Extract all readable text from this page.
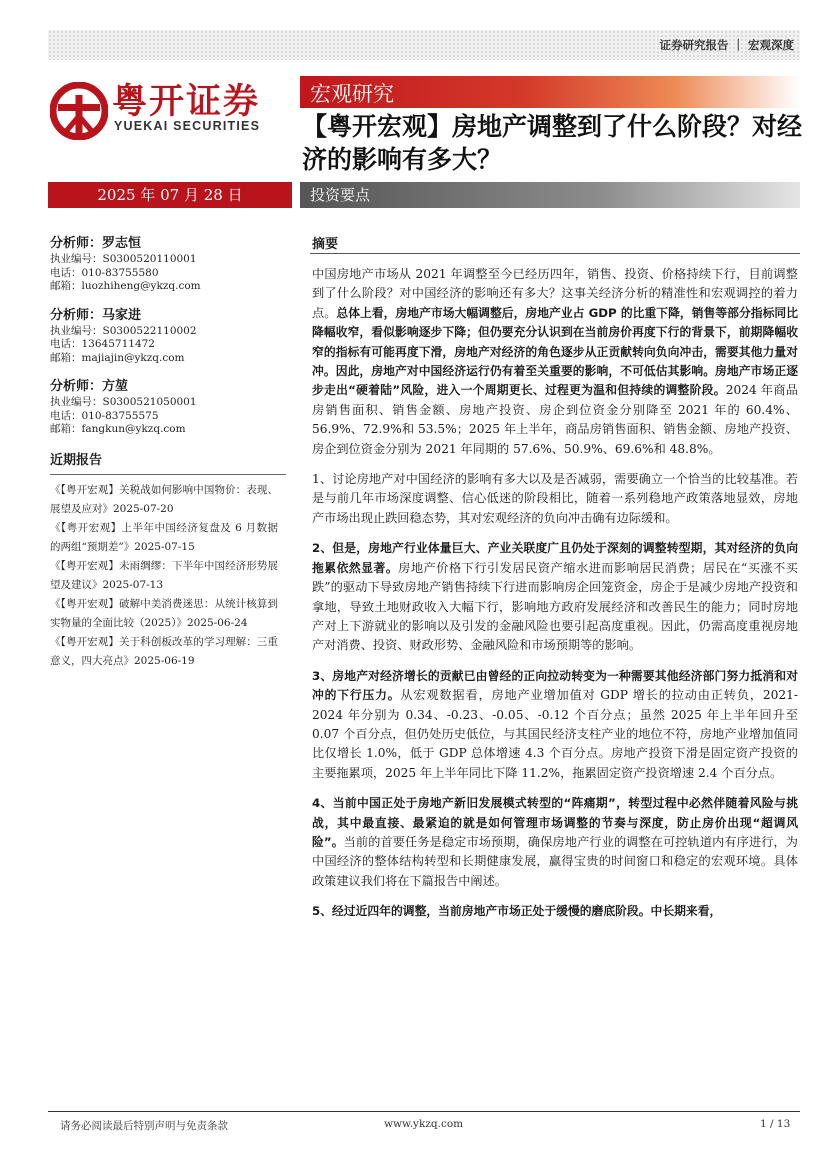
证券研究报告 ｜ 宏观深度
粤开证券
YUEKAI SECURITIES
宏观研究
【粤开宏观】房地产调整到了什么阶段？对经济的影响有多大？
2025 年 07 月 28 日	投资要点
分析师：罗志恒
执业编号：S0300520110001
电话：010-83755580
邮箱：luozhiheng@ykzq.com
分析师：马家进
执业编号：S0300522110002
电话：13645711472
邮箱：majiajin@ykzq.com
分析师：方堃
执业编号：S0300521050001
电话：010-83755575
邮箱：fangkun@ykzq.com
近期报告
《【粤开宏观】关税战如何影响中国物价：表现、展望及应对》2025-07-20
《【粤开宏观】上半年中国经济复盘及 6 月数据的两组“预期差”》2025-07-15
《【粤开宏观】未雨绸缪：下半年中国经济形势展望及建议》2025-07-13
《【粤开宏观】破解中美消费迷思：从统计核算到实物量的全面比较（2025）》2025-06-24
《【粤开宏观】关于科创板改革的学习理解：三重意义，四大亮点》2025-06-19
摘要

中国房地产市场从 2021 年调整至今已经历四年，销售、投资、价格持续下行，目前调整到了什么阶段？对中国经济的影响还有多大？这事关经济分析的精准性和宏观调控的着力点。总体上看，房地产市场大幅调整后，房地产业占 GDP 的比重下降，销售等部分指标同比降幅收窄，看似影响逐步下降；但仍要充分认识到在当前房价再度下行的背景下，前期降幅收窄的指标有可能再度下滑，房地产对经济的角色逐步从正贡献转向负向冲击，需要其他力量对冲。因此，房地产对中国经济运行仍有着至关重要的影响，不可低估其影响。房地产市场正逐步走出“硬着陆”风险，进入一个周期更长、过程更为温和但持续的调整阶段。2024 年商品房销售面积、销售金额、房地产投资、房企到位资金分别降至 2021 年的 60.4%、56.9%、72.9%和 53.5%；2025 年上半年，商品房销售面积、销售金额、房地产投资、房企到位资金分别为 2021 年同期的 57.6%、50.9%、69.6%和 48.8%。

1、讨论房地产对中国经济的影响有多大以及是否减弱，需要确立一个恰当的比较基准。若是与前几年市场深度调整、信心低迷的阶段相比，随着一系列稳地产政策落地显效，房地产市场出现止跌回稳态势，其对宏观经济的负向冲击确有边际缓和。

2、但是，房地产行业体量巨大、产业关联度广且仍处于深刻的调整转型期，其对经济的负向拖累依然显著。房地产价格下行引发居民资产缩水进而影响居民消费；居民在“买涨不买跌”的驱动下导致房地产销售持续下行进而影响房企回笼资金，房企于是减少房地产投资和拿地，导致土地财政收入大幅下行，影响地方政府发展经济和改善民生的能力；同时房地产对上下游就业的影响以及引发的金融风险也要引起高度重视。因此，仍需高度重视房地产对消费、投资、财政形势、金融风险和市场预期等的影响。

3、房地产对经济增长的贡献已由曾经的正向拉动转变为一种需要其他经济部门努力抵消和对冲的下行压力。从宏观数据看，房地产业增加值对 GDP 增长的拉动由正转负，2021-2024 年分别为 0.34、-0.23、-0.05、-0.12 个百分点；虽然 2025 年上半年回升至 0.07 个百分点，但仍处历史低位，与其国民经济支柱产业的地位不符，房地产业增加值同比仅增长 1.0%，低于 GDP 总体增速 4.3 个百分点。房地产投资下滑是固定资产投资的主要拖累项，2025 年上半年同比下降 11.2%，拖累固定资产投资增速 2.4 个百分点。

4、当前中国正处于房地产新旧发展模式转型的“阵痛期”，转型过程中必然伴随着风险与挑战，其中最直接、最紧迫的就是如何管理市场调整的节奏与深度，防止房价出现“超调风险”。当前的首要任务是稳定市场预期，确保房地产行业的调整在可控轨道内有序进行，为中国经济的整体结构转型和长期健康发展，赢得宝贵的时间窗口和稳定的宏观环境。具体政策建议我们将在下篇报告中阐述。

5、经过近四年的调整，当前房地产市场正处于缓慢的磨底阶段。中长期来看，

请务必阅读最后特别声明与免责条款	www.ykzq.com	1 / 13
